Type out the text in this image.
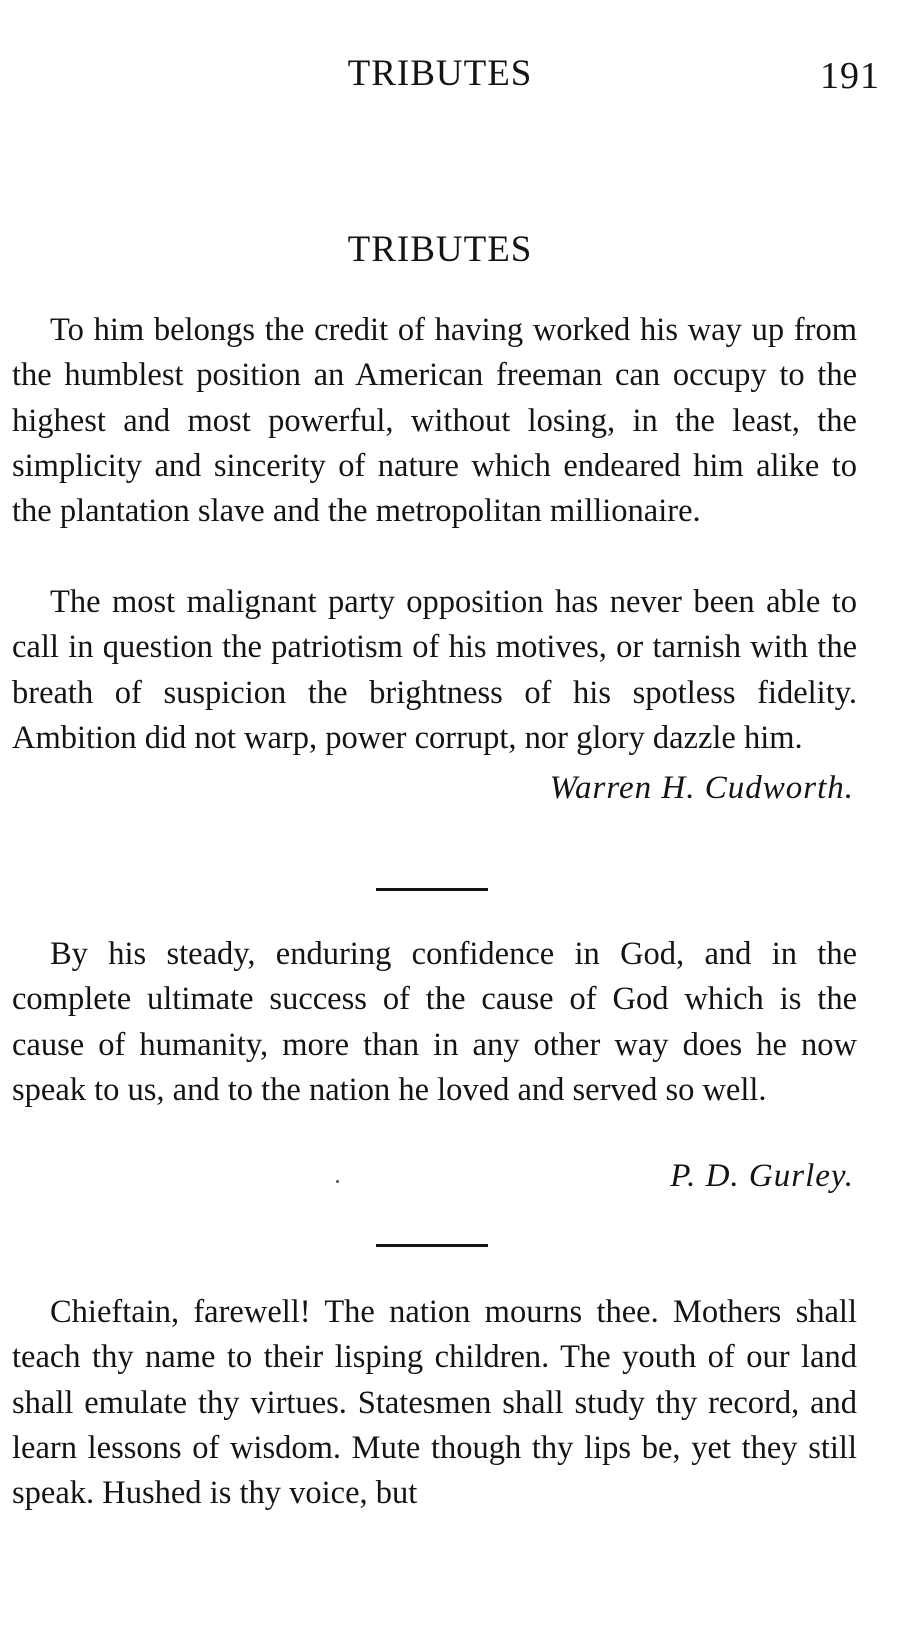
TRIBUTES	191
TRIBUTES

To him belongs the credit of having worked his way up from the humblest position an American freeman can occupy to the highest and most powerful, without losing, in the least, the simplicity and sincerity of nature which endeared him alike to the plantation slave and the metropolitan millionaire.

The most malignant party opposition has never been able to call in question the patriotism of his motives, or tarnish with the breath of suspicion the brightness of his spotless fidelity. Ambition did not warp, power corrupt, nor glory dazzle him.

Warren H. Cudworth.

By his steady, enduring confidence in God, and in the complete ultimate success of the cause of God which is the cause of humanity, more than in any other way does he now speak to us, and to the nation he loved and served so well.

P. D. Gurley.

Chieftain, farewell! The nation mourns thee. Mothers shall teach thy name to their lisping children. The youth of our land shall emulate thy virtues. Statesmen shall study thy record, and learn lessons of wisdom. Mute though thy lips be, yet they still speak. Hushed is thy voice, but
